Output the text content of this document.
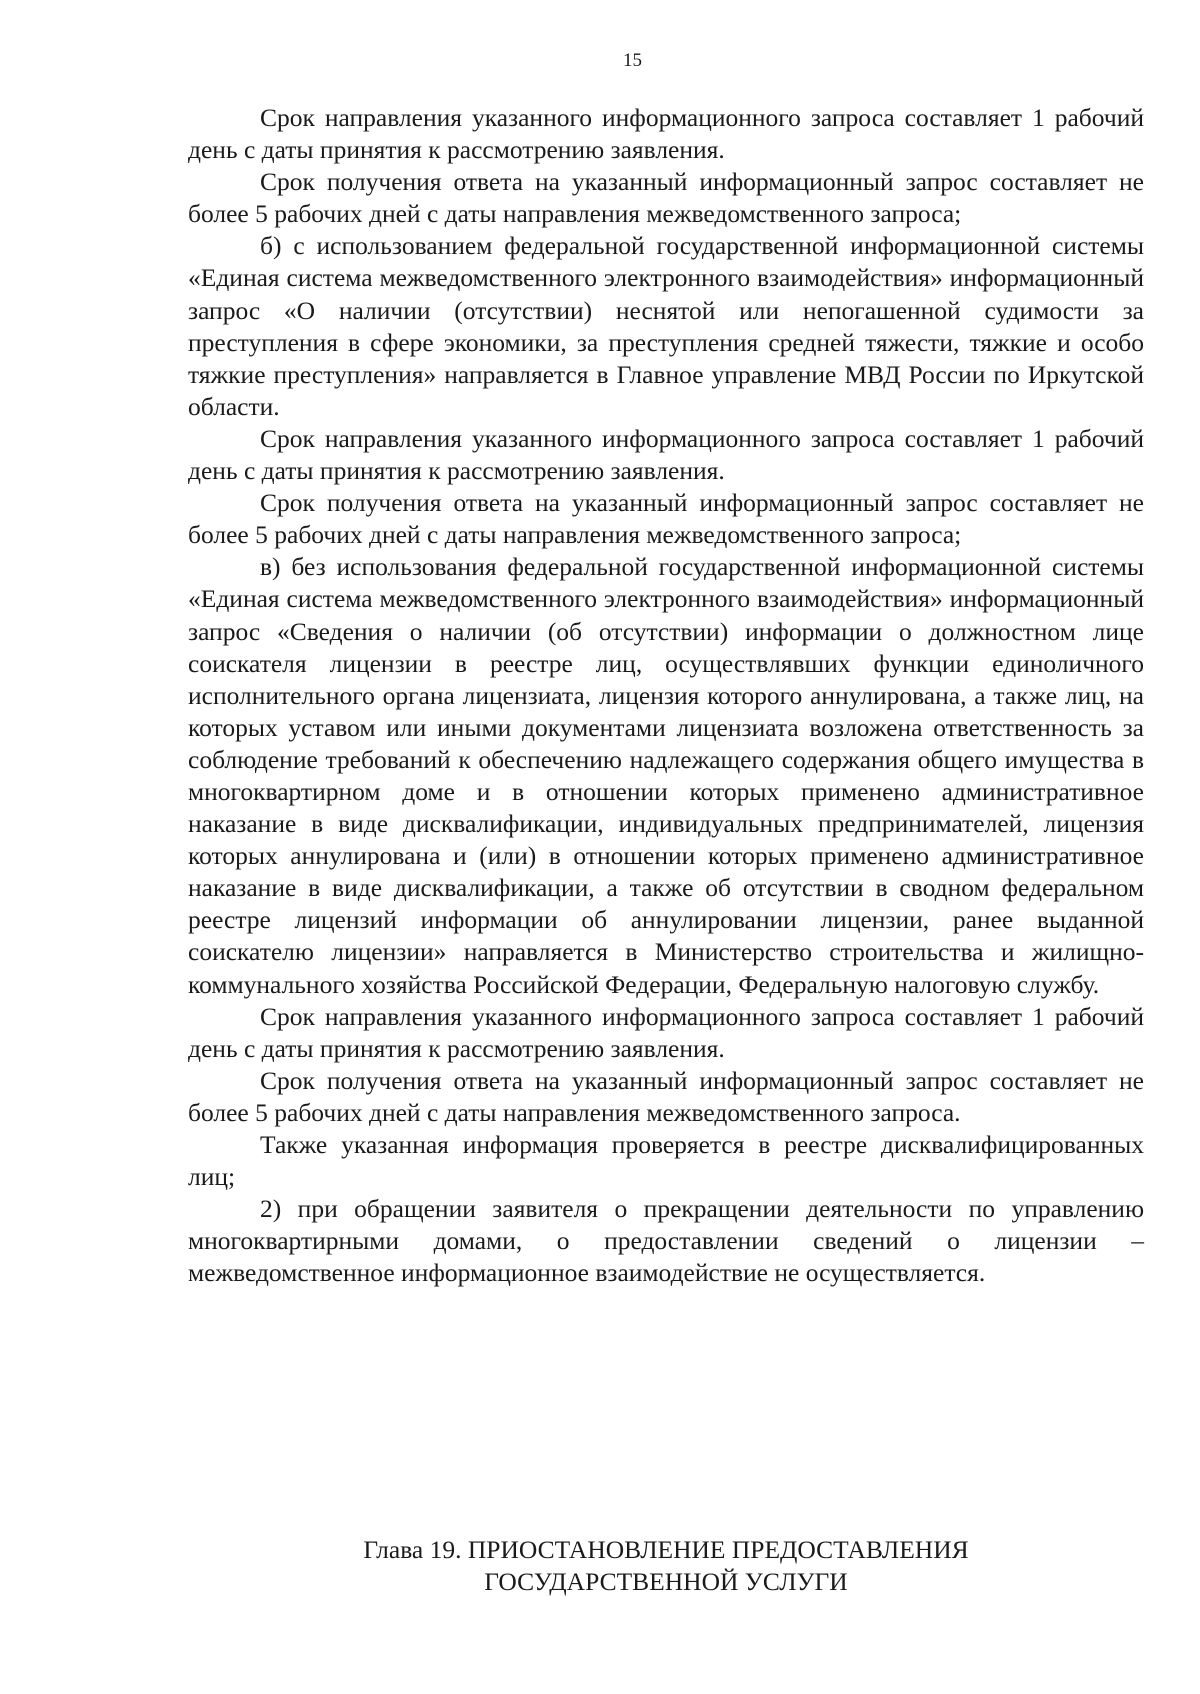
15

Срок направления указанного информационного запроса составляет 1 рабочий день с даты принятия к рассмотрению заявления.

Срок получения ответа на указанный информационный запрос составляет не более 5 рабочих дней с даты направления межведомственного запроса;

б) с использованием федеральной государственной информационной системы «Единая система межведомственного электронного взаимодействия» информационный запрос «О наличии (отсутствии) неснятой или непогашенной судимости за преступления в сфере экономики, за преступления средней тяжести, тяжкие и особо тяжкие преступления» направляется в Главное управление МВД России по Иркутской области.

Срок направления указанного информационного запроса составляет 1 рабочий день с даты принятия к рассмотрению заявления.

Срок получения ответа на указанный информационный запрос составляет не более 5 рабочих дней с даты направления межведомственного запроса;

в) без использования федеральной государственной информационной системы «Единая система межведомственного электронного взаимодействия» информационный запрос «Сведения о наличии (об отсутствии) информации о должностном лице соискателя лицензии в реестре лиц, осуществлявших функции единоличного исполнительного органа лицензиата, лицензия которого аннулирована, а также лиц, на которых уставом или иными документами лицензиата возложена ответственность за соблюдение требований к обеспечению надлежащего содержания общего имущества в многоквартирном доме и в отношении которых применено административное наказание в виде дисквалификации, индивидуальных предпринимателей, лицензия которых аннулирована и (или) в отношении которых применено административное наказание в виде дисквалификации, а также об отсутствии в сводном федеральном реестре лицензий информации об аннулировании лицензии, ранее выданной соискателю лицензии» направляется в Министерство строительства и жилищно-коммунального хозяйства Российской Федерации, Федеральную налоговую службу.

Срок направления указанного информационного запроса составляет 1 рабочий день с даты принятия к рассмотрению заявления.

Срок получения ответа на указанный информационный запрос составляет не более 5 рабочих дней с даты направления межведомственного запроса.

Также указанная информация проверяется в реестре дисквалифицированных лиц;

2) при обращении заявителя о прекращении деятельности по управлению многоквартирными домами, о предоставлении сведений о лицензии – межведомственное информационное взаимодействие не осуществляется.

Глава 19. ПРИОСТАНОВЛЕНИЕ ПРЕДОСТАВЛЕНИЯ
ГОСУДАРСТВЕННОЙ УСЛУГИ
